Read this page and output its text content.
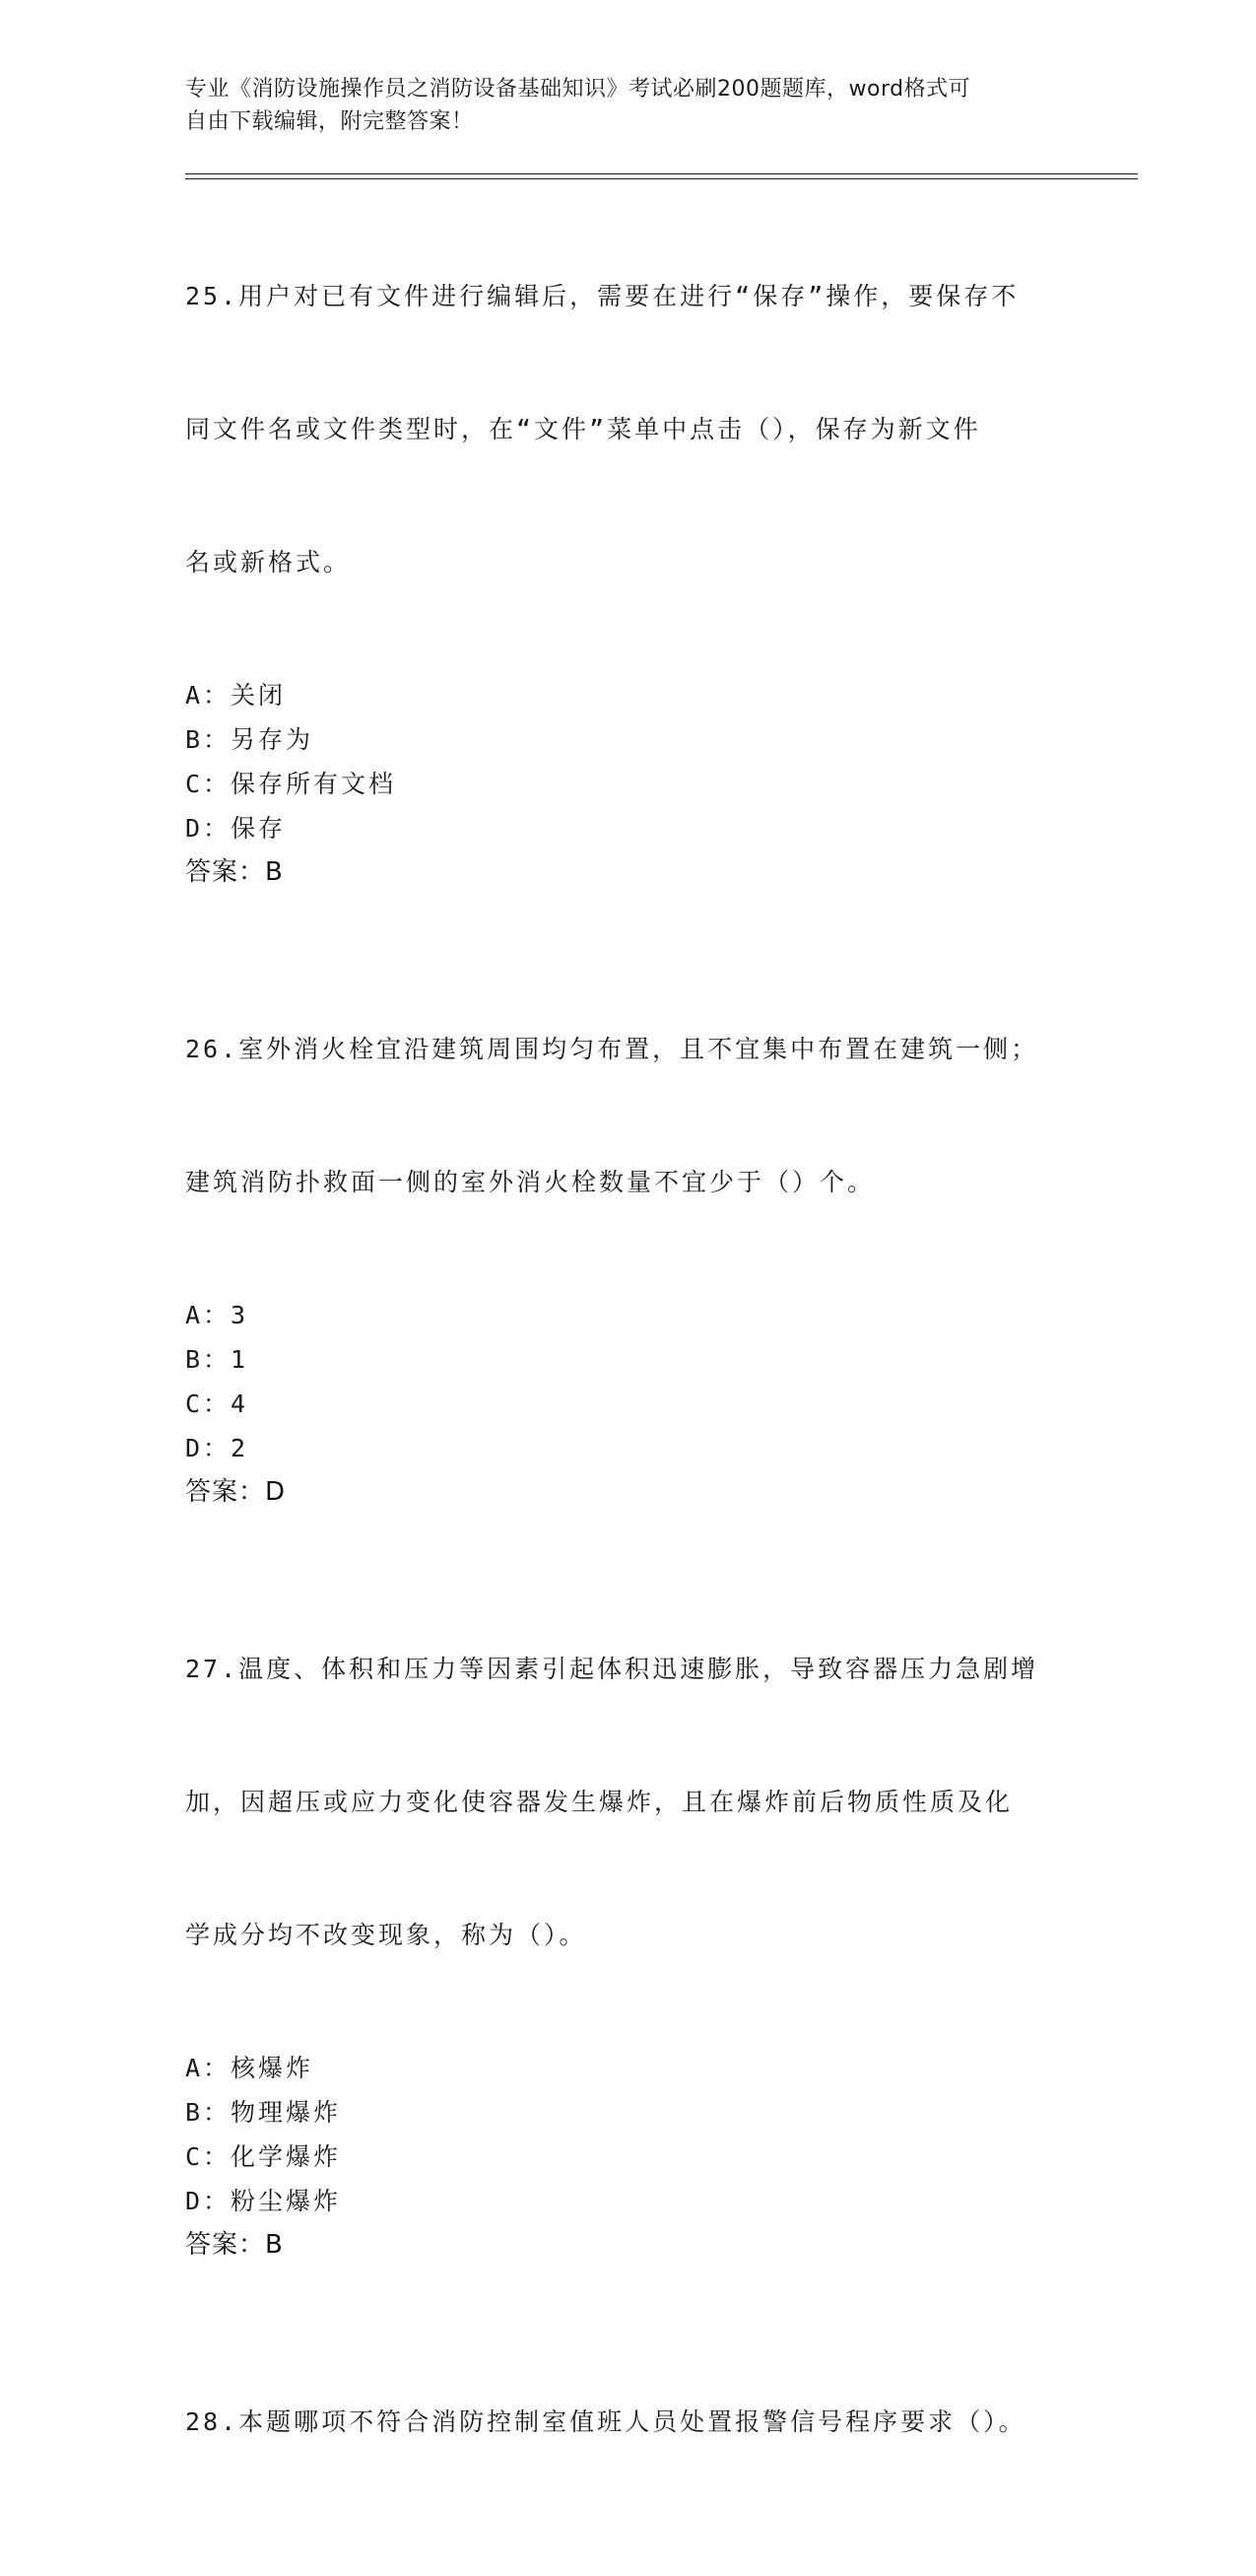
专业《消防设施操作员之消防设备基础知识》考试必刷200题题库，word格式可
自由下载编辑，附完整答案！

25.用户对已有文件进行编辑后，需要在进行“保存”操作，要保存不

同文件名或文件类型时，在“文件”菜单中点击（），保存为新文件

名或新格式。

A：关闭
B：另存为
C：保存所有文档
D：保存
答案：B

26.室外消火栓宜沿建筑周围均匀布置，且不宜集中布置在建筑一侧；

建筑消防扑救面一侧的室外消火栓数量不宜少于（）个。

A：3
B：1
C：4
D：2
答案：D

27.温度、体积和压力等因素引起体积迅速膨胀，导致容器压力急剧增

加，因超压或应力变化使容器发生爆炸，且在爆炸前后物质性质及化

学成分均不改变现象，称为（）。

A：核爆炸
B：物理爆炸
C：化学爆炸
D：粉尘爆炸
答案：B

28.本题哪项不符合消防控制室值班人员处置报警信号程序要求（）。
